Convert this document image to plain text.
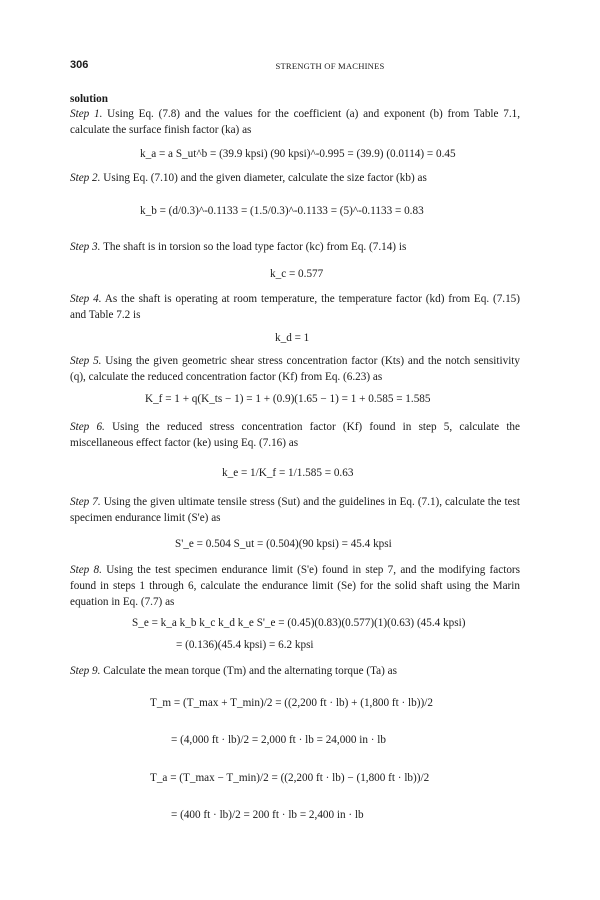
306	STRENGTH OF MACHINES
solution
Step 1. Using Eq. (7.8) and the values for the coefficient (a) and exponent (b) from Table 7.1, calculate the surface finish factor (ka) as
k_a = a S_ut^b = (39.9 kpsi) (90 kpsi)^-0.995 = (39.9) (0.0114) = 0.45
Step 2. Using Eq. (7.10) and the given diameter, calculate the size factor (kb) as
k_b = (d/0.3)^-0.1133 = (1.5/0.3)^-0.1133 = (5)^-0.1133 = 0.83
Step 3. The shaft is in torsion so the load type factor (kc) from Eq. (7.14) is
k_c = 0.577
Step 4. As the shaft is operating at room temperature, the temperature factor (kd) from Eq. (7.15) and Table 7.2 is
k_d = 1
Step 5. Using the given geometric shear stress concentration factor (Kts) and the notch sensitivity (q), calculate the reduced concentration factor (Kf) from Eq. (6.23) as
K_f = 1 + q(K_ts − 1) = 1 + (0.9)(1.65 − 1) = 1 + 0.585 = 1.585
Step 6. Using the reduced stress concentration factor (Kf) found in step 5, calculate the miscellaneous effect factor (ke) using Eq. (7.16) as
k_e = 1/K_f = 1/1.585 = 0.63
Step 7. Using the given ultimate tensile stress (Sut) and the guidelines in Eq. (7.1), calculate the test specimen endurance limit (S'e) as
S'_e = 0.504 S_ut = (0.504)(90 kpsi) = 45.4 kpsi
Step 8. Using the test specimen endurance limit (S'e) found in step 7, and the modifying factors found in steps 1 through 6, calculate the endurance limit (Se) for the solid shaft using the Marin equation in Eq. (7.7) as
S_e = k_a k_b k_c k_d k_e S'_e = (0.45)(0.83)(0.577)(1)(0.63) (45.4 kpsi)
= (0.136)(45.4 kpsi) = 6.2 kpsi
Step 9. Calculate the mean torque (Tm) and the alternating torque (Ta) as
T_m = (T_max + T_min)/2 = ((2,200 ft · lb) + (1,800 ft · lb))/2
= (4,000 ft · lb)/2 = 2,000 ft · lb = 24,000 in · lb
T_a = (T_max − T_min)/2 = ((2,200 ft · lb) − (1,800 ft · lb))/2
= (400 ft · lb)/2 = 200 ft · lb = 2,400 in · lb
